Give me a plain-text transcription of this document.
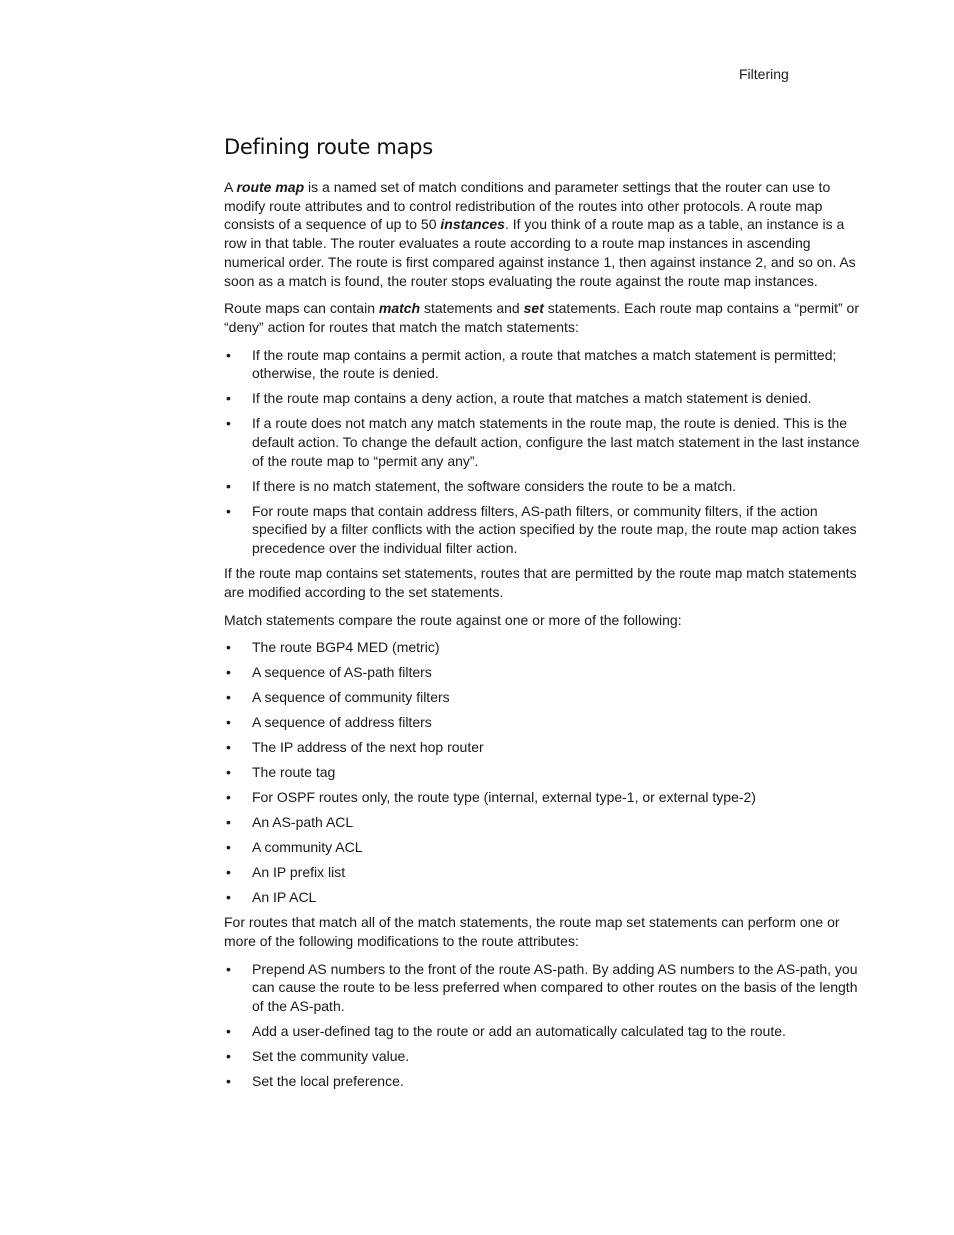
Filtering
Defining route maps

A route map is a named set of match conditions and parameter settings that the router can use to modify route attributes and to control redistribution of the routes into other protocols. A route map consists of a sequence of up to 50 instances. If you think of a route map as a table, an instance is a row in that table. The router evaluates a route according to a route map instances in ascending numerical order. The route is first compared against instance 1, then against instance 2, and so on. As soon as a match is found, the router stops evaluating the route against the route map instances.

Route maps can contain match statements and set statements. Each route map contains a “permit” or “deny” action for routes that match the match statements:

• If the route map contains a permit action, a route that matches a match statement is permitted; otherwise, the route is denied.
• If the route map contains a deny action, a route that matches a match statement is denied.
• If a route does not match any match statements in the route map, the route is denied. This is the default action. To change the default action, configure the last match statement in the last instance of the route map to “permit any any”.
• If there is no match statement, the software considers the route to be a match.
• For route maps that contain address filters, AS-path filters, or community filters, if the action specified by a filter conflicts with the action specified by the route map, the route map action takes precedence over the individual filter action.

If the route map contains set statements, routes that are permitted by the route map match statements are modified according to the set statements.

Match statements compare the route against one or more of the following:

• The route BGP4 MED (metric)
• A sequence of AS-path filters
• A sequence of community filters
• A sequence of address filters
• The IP address of the next hop router
• The route tag
• For OSPF routes only, the route type (internal, external type-1, or external type-2)
• An AS-path ACL
• A community ACL
• An IP prefix list
• An IP ACL

For routes that match all of the match statements, the route map set statements can perform one or more of the following modifications to the route attributes:

• Prepend AS numbers to the front of the route AS-path. By adding AS numbers to the AS-path, you can cause the route to be less preferred when compared to other routes on the basis of the length of the AS-path.
• Add a user-defined tag to the route or add an automatically calculated tag to the route.
• Set the community value.
• Set the local preference.
